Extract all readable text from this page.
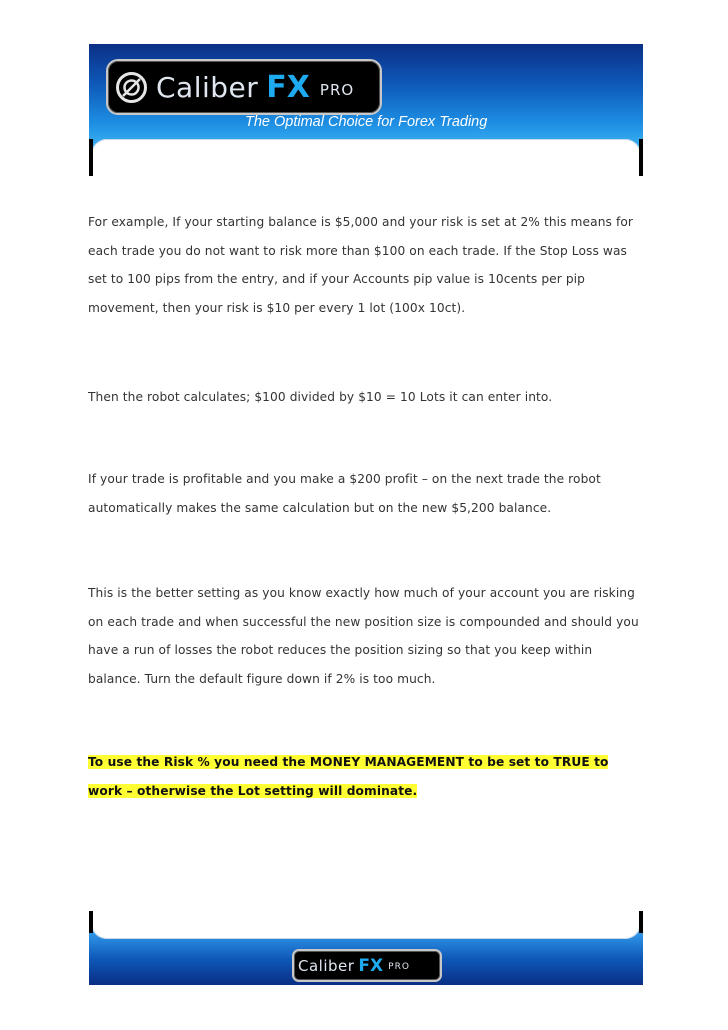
Caliber FX PRO
The Optimal Choice for Forex Trading
For example, If your starting balance is $5,000 and your risk is set at 2% this means for each trade you do not want to risk more than $100 on each trade. If the Stop Loss was set to 100 pips from the entry, and if your Accounts pip value is 10cents per pip movement, then your risk is $10 per every 1 lot (100x 10ct).
Then the robot calculates; $100 divided by $10 = 10 Lots it can enter into.
If your trade is profitable and you make a $200 profit – on the next trade the robot automatically makes the same calculation but on the new $5,200 balance.
This is the better setting as you know exactly how much of your account you are risking on each trade and when successful the new position size is compounded and should you have a run of losses the robot reduces the position sizing so that you keep within balance. Turn the default figure down if 2% is too much.
To use the Risk % you need the MONEY MANAGEMENT to be set to TRUE to work – otherwise the Lot setting will dominate.
Caliber FX PRO
